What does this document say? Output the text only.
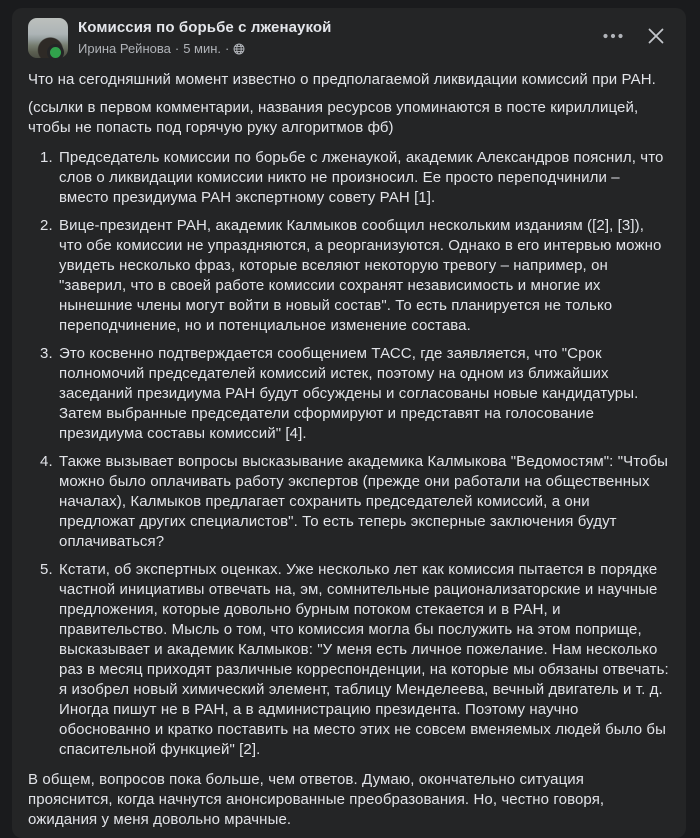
Комиссия по борьбе с лженаукой
Ирина Рейнова · 5 мин. ·

Что на сегодняшний момент известно о предполагаемой ликвидации комиссий при РАН.

(ссылки в первом комментарии, названия ресурсов упоминаются в посте кириллицей, чтобы не попасть под горячую руку алгоритмов фб)

1. Председатель комиссии по борьбе с лженаукой, академик Александров пояснил, что слов о ликвидации комиссии никто не произносил. Ее просто переподчинили – вместо президиума РАН экспертному совету РАН [1].
2. Вице-президент РАН, академик Калмыков сообщил нескольким изданиям ([2], [3]), что обе комиссии не упраздняются, а реорганизуются. Однако в его интервью можно увидеть несколько фраз, которые вселяют некоторую тревогу – например, он "заверил, что в своей работе комиссии сохранят независимость и многие их нынешние члены могут войти в новый состав". То есть планируется не только переподчинение, но и потенциальное изменение состава.
3. Это косвенно подтверждается сообщением ТАСС, где заявляется, что "Срок полномочий председателей комиссий истек, поэтому на одном из ближайших заседаний президиума РАН будут обсуждены и согласованы новые кандидатуры. Затем выбранные председатели сформируют и представят на голосование президиума составы комиссий" [4].
4. Также вызывает вопросы высказывание академика Калмыкова "Ведомостям": "Чтобы можно было оплачивать работу экспертов (прежде они работали на общественных началах), Калмыков предлагает сохранить председателей комиссий, а они предложат других специалистов". То есть теперь эксперные заключения будут оплачиваться?
5. Кстати, об экспертных оценках. Уже несколько лет как комиссия пытается в порядке частной инициативы отвечать на, эм, сомнительные рационализаторские и научные предложения, которые довольно бурным потоком стекается и в РАН, и правительство. Мысль о том, что комиссия могла бы послужить на этом поприще, высказывает и академик Калмыков: "У меня есть личное пожелание. Нам несколько раз в месяц приходят различные корреспонденции, на которые мы обязаны отвечать: я изобрел новый химический элемент, таблицу Менделеева, вечный двигатель и т. д. Иногда пишут не в РАН, а в администрацию президента. Поэтому научно обоснованно и кратко поставить на место этих не совсем вменяемых людей было бы спасительной функцией" [2].

В общем, вопросов пока больше, чем ответов. Думаю, окончательно ситуация прояснится, когда начнутся анонсированные преобразования. Но, честно говоря, ожидания у меня довольно мрачные.
